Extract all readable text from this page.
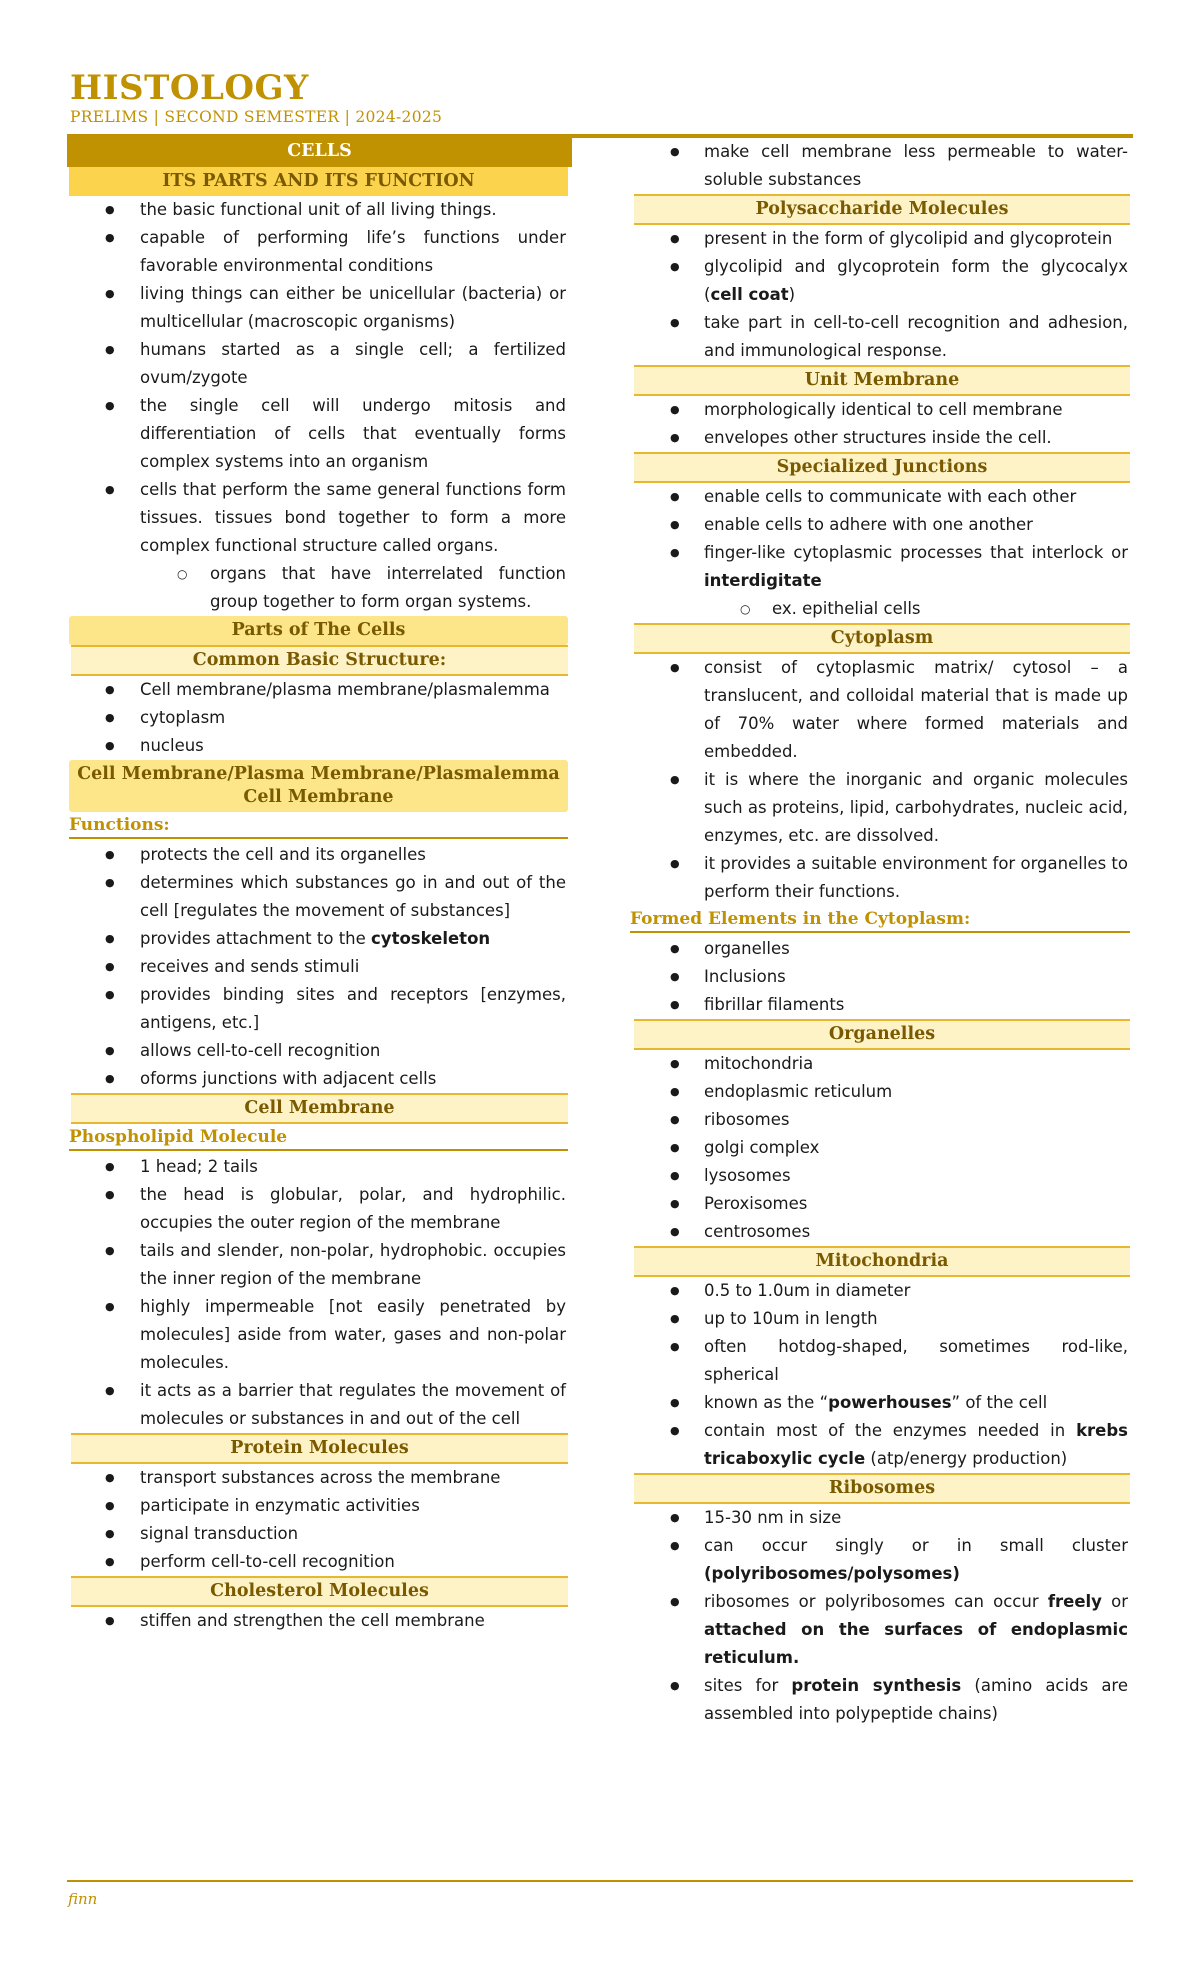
HISTOLOGY
PRELIMS | SECOND SEMESTER | 2024-2025
CELLS
ITS PARTS AND ITS FUNCTION
● the basic functional unit of all living things.
● capable of performing life’s functions under favorable environmental conditions
● living things can either be unicellular (bacteria) or multicellular (macroscopic organisms)
● humans started as a single cell; a fertilized ovum/zygote
● the single cell will undergo mitosis and differentiation of cells that eventually forms complex systems into an organism
● cells that perform the same general functions form tissues. tissues bond together to form a more complex functional structure called organs.
○ organs that have interrelated function group together to form organ systems.
Parts of The Cells
Common Basic Structure:
● Cell membrane/plasma membrane/plasmalemma
● cytoplasm
● nucleus
Cell Membrane/Plasma Membrane/Plasmalemma
Cell Membrane
Functions:
● protects the cell and its organelles
● determines which substances go in and out of the cell [regulates the movement of substances]
● provides attachment to the cytoskeleton
● receives and sends stimuli
● provides binding sites and receptors [enzymes, antigens, etc.]
● allows cell-to-cell recognition
● oforms junctions with adjacent cells
Cell Membrane
Phospholipid Molecule
● 1 head; 2 tails
● the head is globular, polar, and hydrophilic. occupies the outer region of the membrane
● tails and slender, non-polar, hydrophobic. occupies the inner region of the membrane
● highly impermeable [not easily penetrated by molecules] aside from water, gases and non-polar molecules.
● it acts as a barrier that regulates the movement of molecules or substances in and out of the cell
Protein Molecules
● transport substances across the membrane
● participate in enzymatic activities
● signal transduction
● perform cell-to-cell recognition
Cholesterol Molecules
● stiffen and strengthen the cell membrane
● make cell membrane less permeable to water-soluble substances
Polysaccharide Molecules
● present in the form of glycolipid and glycoprotein
● glycolipid and glycoprotein form the glycocalyx (cell coat)
● take part in cell-to-cell recognition and adhesion, and immunological response.
Unit Membrane
● morphologically identical to cell membrane
● envelopes other structures inside the cell.
Specialized Junctions
● enable cells to communicate with each other
● enable cells to adhere with one another
● finger-like cytoplasmic processes that interlock or interdigitate
○ ex. epithelial cells
Cytoplasm
● consist of cytoplasmic matrix/ cytosol – a translucent, and colloidal material that is made up of 70% water where formed materials and embedded.
● it is where the inorganic and organic molecules such as proteins, lipid, carbohydrates, nucleic acid, enzymes, etc. are dissolved.
● it provides a suitable environment for organelles to perform their functions.
Formed Elements in the Cytoplasm:
● organelles
● Inclusions
● fibrillar filaments
Organelles
● mitochondria
● endoplasmic reticulum
● ribosomes
● golgi complex
● lysosomes
● Peroxisomes
● centrosomes
Mitochondria
● 0.5 to 1.0um in diameter
● up to 10um in length
● often hotdog-shaped, sometimes rod-like, spherical
● known as the “powerhouses” of the cell
● contain most of the enzymes needed in krebs tricaboxylic cycle (atp/energy production)
Ribosomes
● 15-30 nm in size
● can occur singly or in small cluster (polyribosomes/polysomes)
● ribosomes or polyribosomes can occur freely or attached on the surfaces of endoplasmic reticulum.
● sites for protein synthesis (amino acids are assembled into polypeptide chains)
finn
